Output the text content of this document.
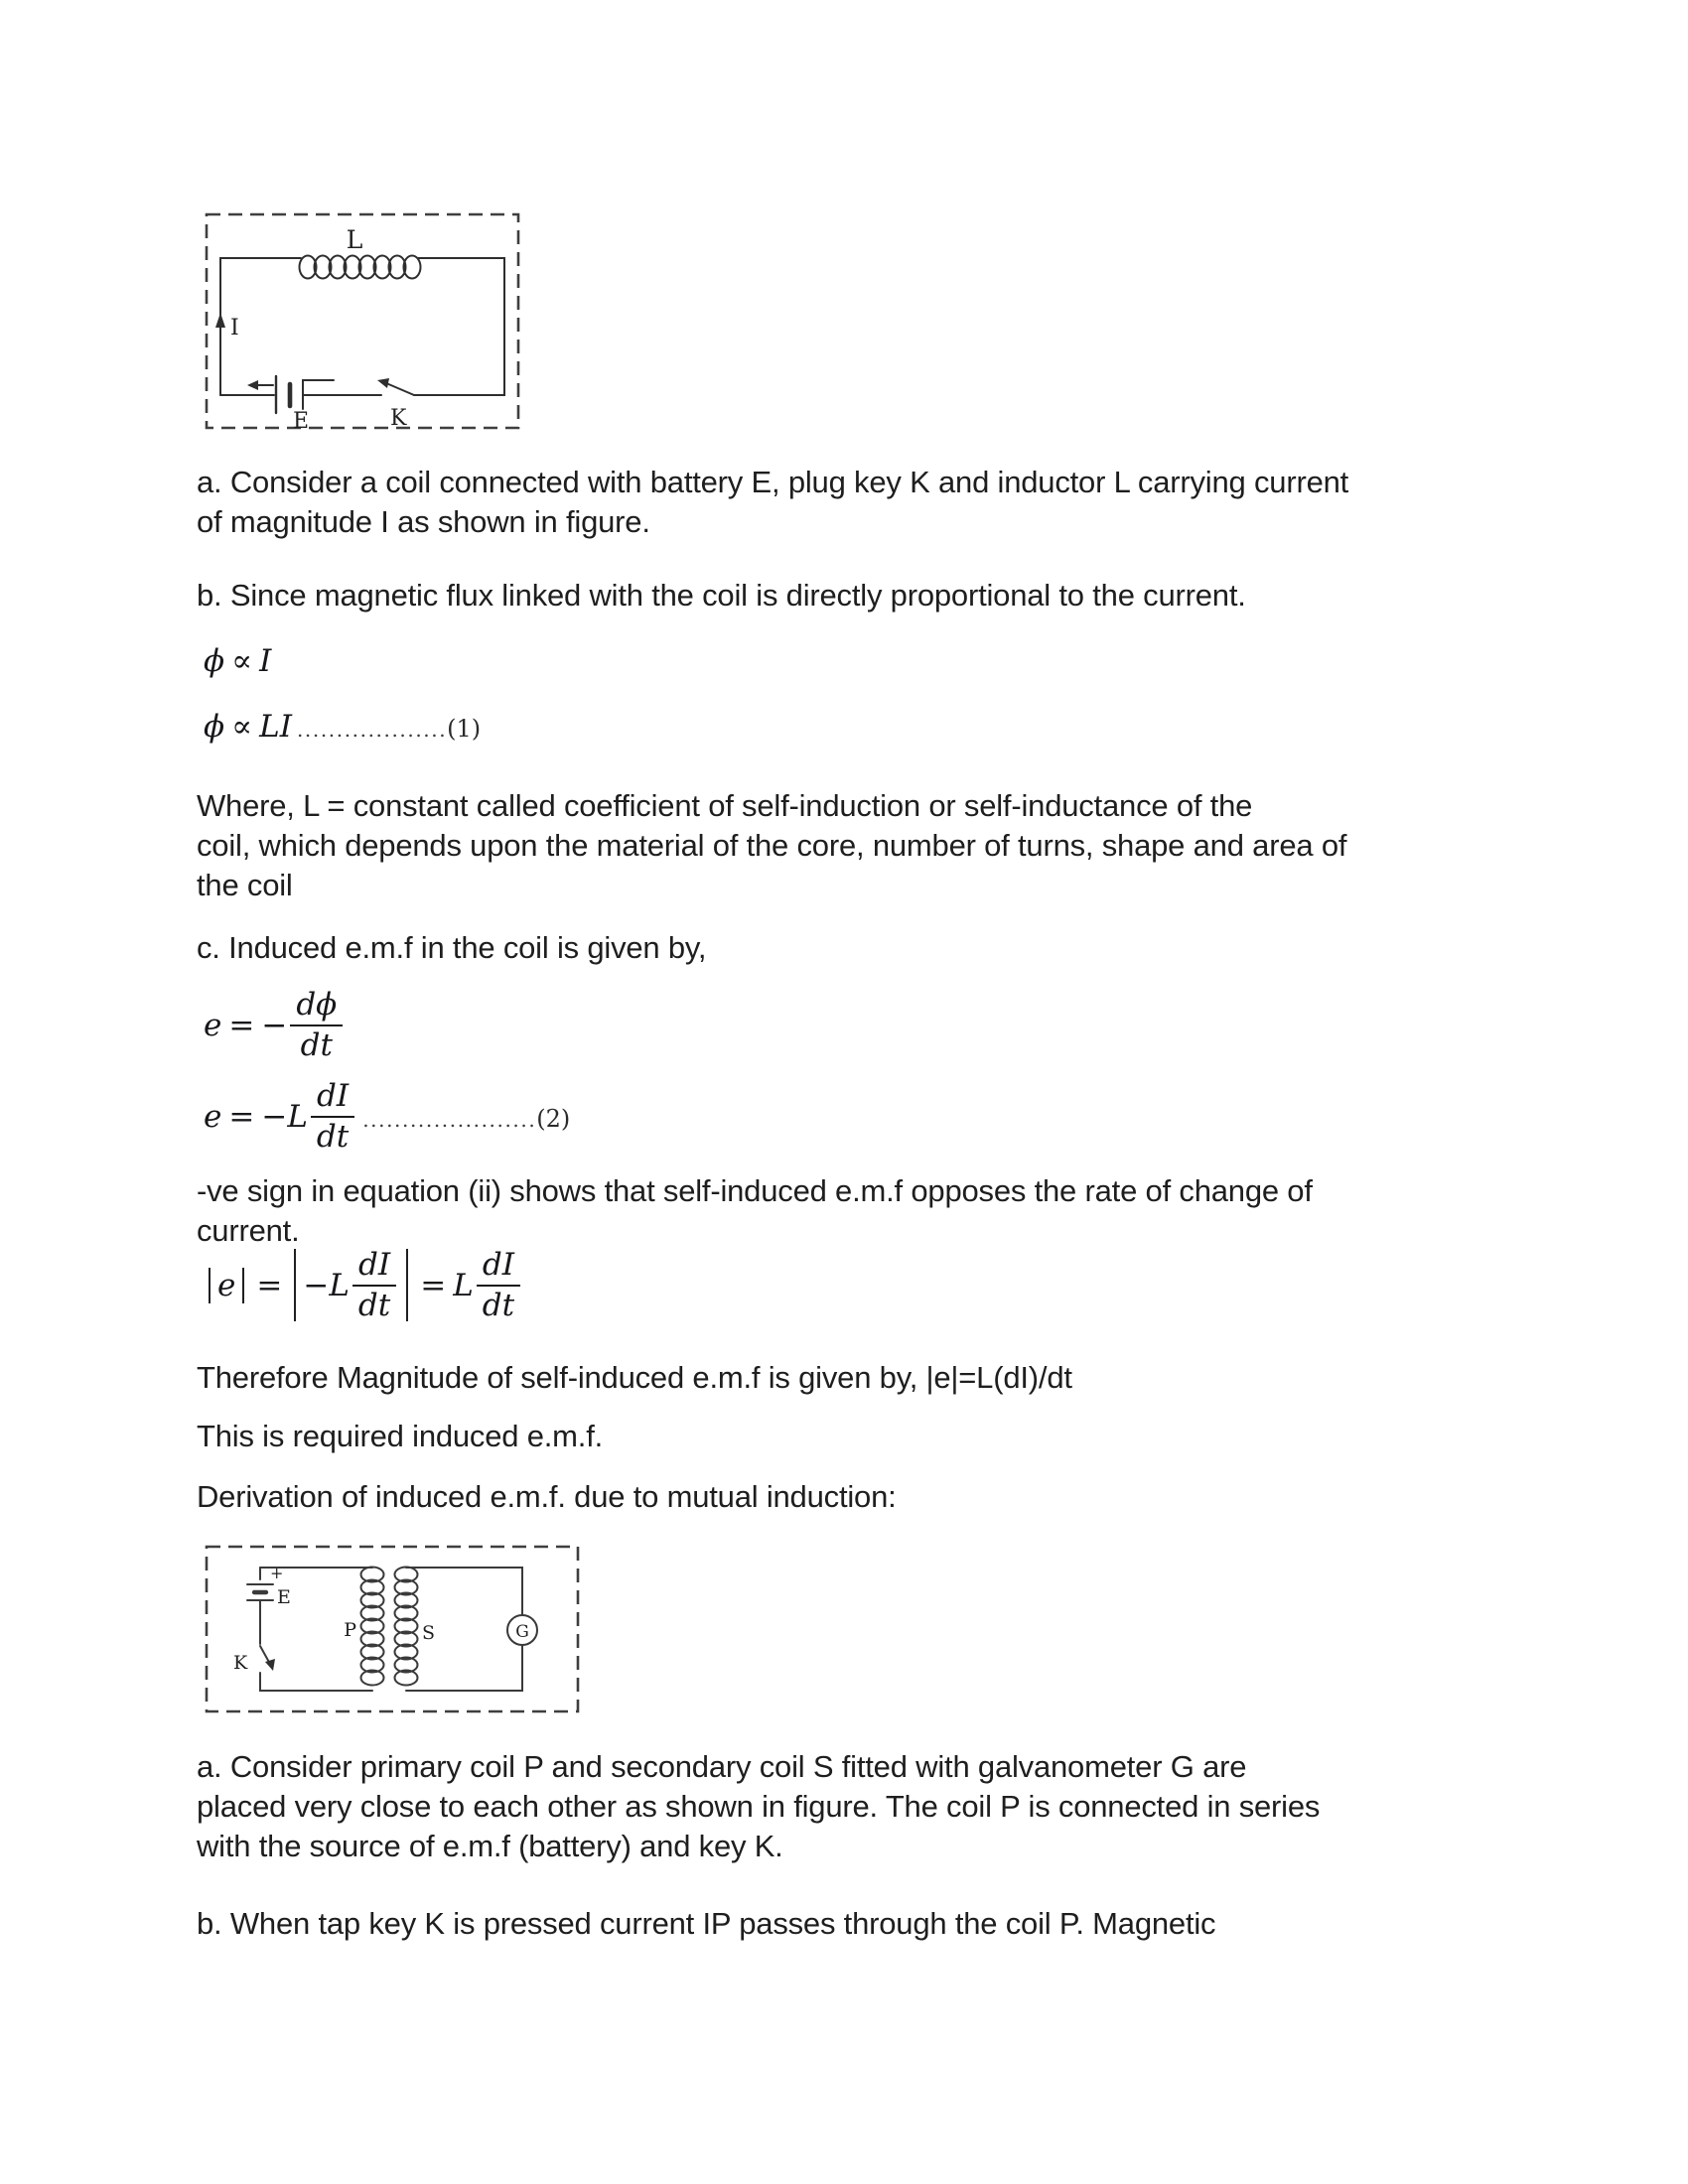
L
I
E	K
a. Consider a coil connected with battery E, plug key K and inductor L carrying current
of magnitude I as shown in figure.
b. Since magnetic flux linked with the coil is directly proportional to the current.
ϕ ∝ I
ϕ ∝ LI ................... (1)
Where, L = constant called coefficient of self-induction or self-inductance of the
coil, which depends upon the material of the core, number of turns, shape and area of
the coil
c. Induced e.m.f in the coil is given by,
e = − $\frac{d\phi}{dt}$
$e = -L \frac{dI}{dt}$ ...................... (2)
-ve sign in equation (ii) shows that self-induced e.m.f opposes the rate of change of
current.
$e = -L \frac{dI}{dt} = L \frac{dI}{dt}$
Therefore Magnitude of self-induced e.m.f is given by, |e|=L(dI)/dt
This is required induced e.m.f.
Derivation of induced e.m.f. due to mutual induction:
+
E
K
P	S	G
a. Consider primary coil P and secondary coil S fitted with galvanometer G are
placed very close to each other as shown in figure. The coil P is connected in series
with the source of e.m.f (battery) and key K.
b. When tap key K is pressed current IP passes through the coil P. Magnetic
